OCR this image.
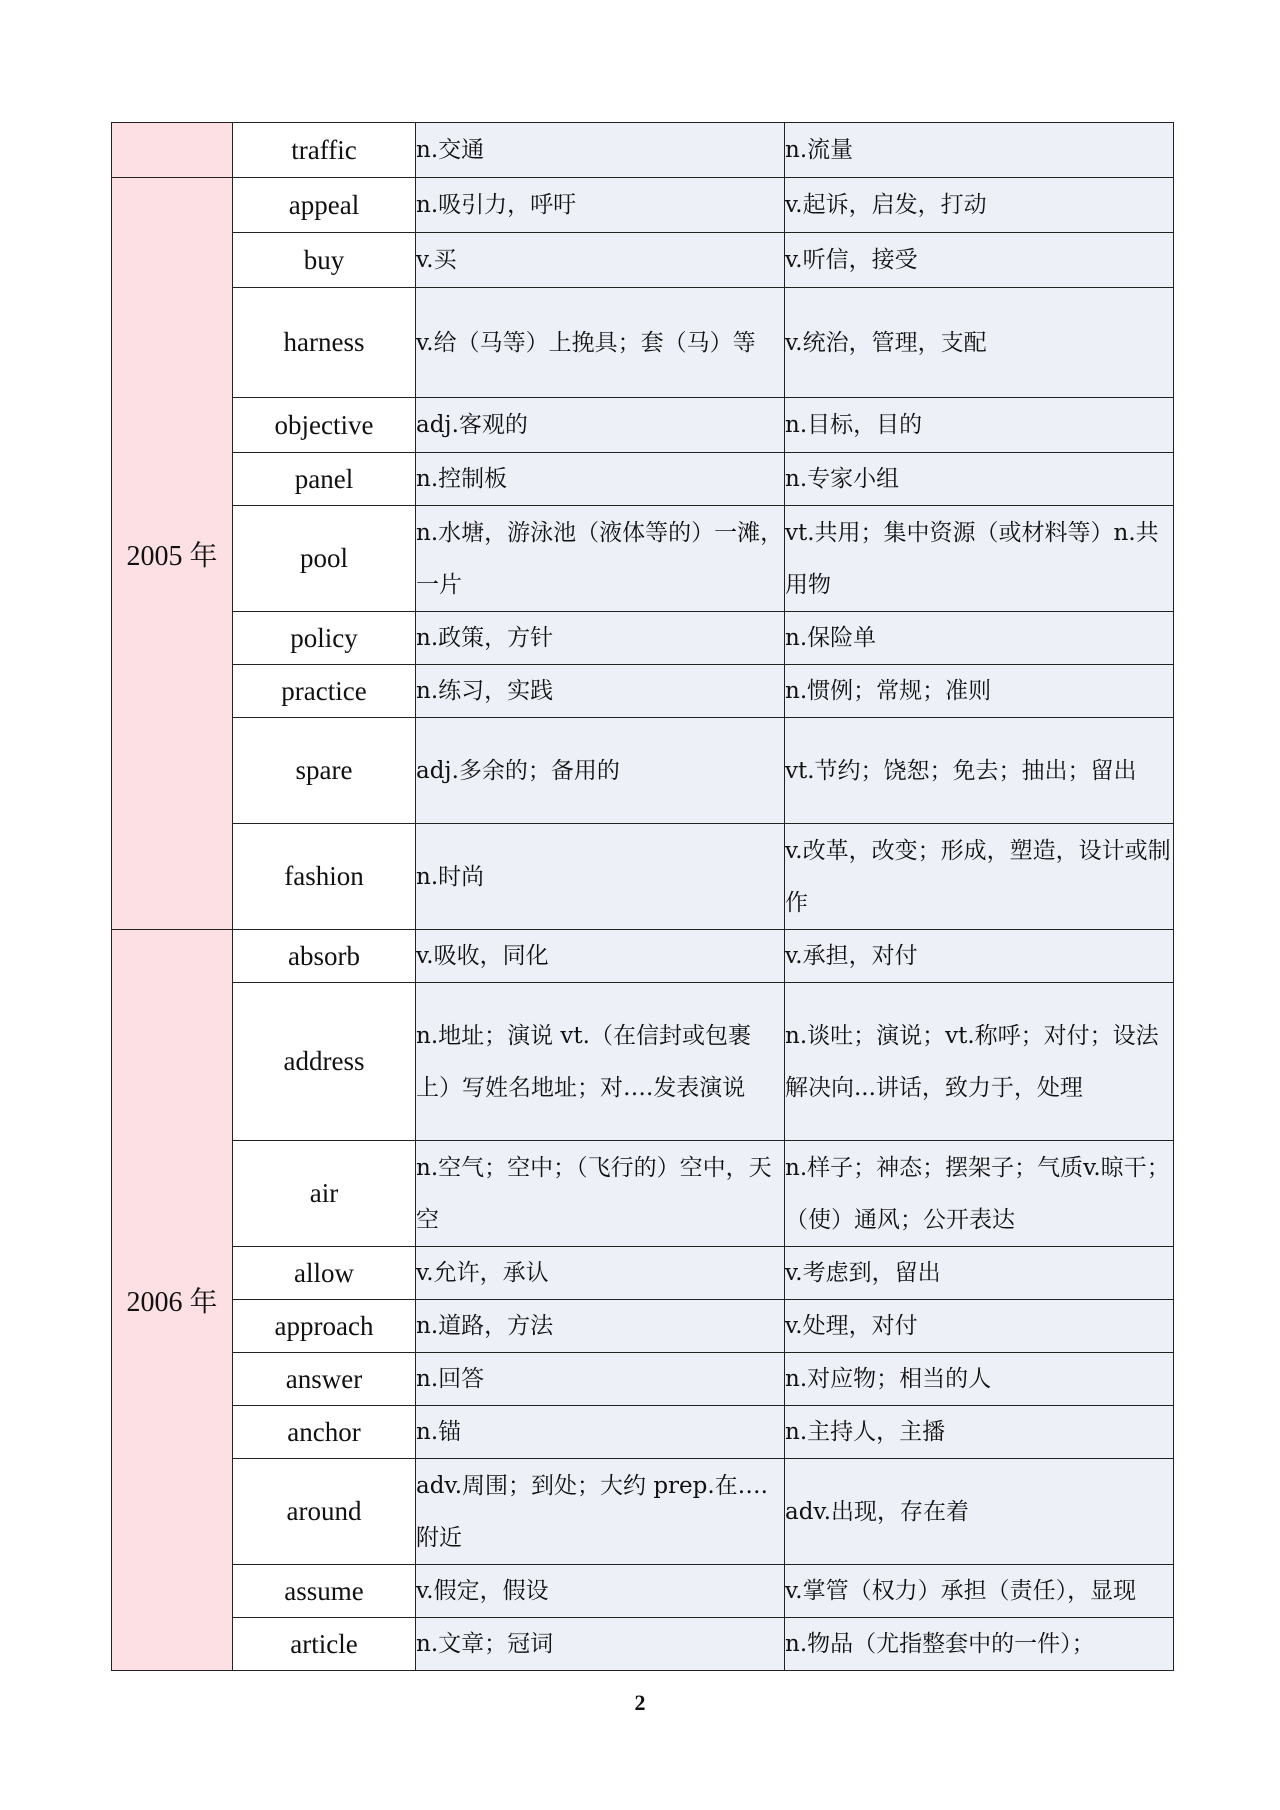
	traffic	n.交通	n.流量
2005 年	appeal	n.吸引力，呼吁	v.起诉，启发，打动
	buy	v.买	v.听信，接受
	harness	v.给（马等）上挽具；套（马）等	v.统治，管理，支配
	objective	adj.客观的	n.目标，目的
	panel	n.控制板	n.专家小组
	pool	n.水塘，游泳池（液体等的）一滩，一片	vt.共用；集中资源（或材料等）n.共用物
	policy	n.政策，方针	n.保险单
	practice	n.练习，实践	n.惯例；常规；准则
	spare	adj.多余的；备用的	vt.节约；饶恕；免去；抽出；留出
	fashion	n.时尚	v.改革，改变；形成，塑造，设计或制作
2006 年	absorb	v.吸收，同化	v.承担，对付
	address	n.地址；演说 vt.（在信封或包裹上）写姓名地址；对….发表演说	n.谈吐；演说；vt.称呼；对付；设法解决向...讲话，致力于，处理
	air	n.空气；空中；（飞行的）空中，天空	n.样子；神态；摆架子；气质v.晾干；（使）通风；公开表达
	allow	v.允许，承认	v.考虑到，留出
	approach	n.道路，方法	v.处理，对付
	answer	n.回答	n.对应物；相当的人
	anchor	n.锚	n.主持人，主播
	around	adv.周围；到处；大约 prep.在….附近	adv.出现，存在着
	assume	v.假定，假设	v.掌管（权力）承担（责任），显现
	article	n.文章；冠词	n.物品（尤指整套中的一件）；
2
